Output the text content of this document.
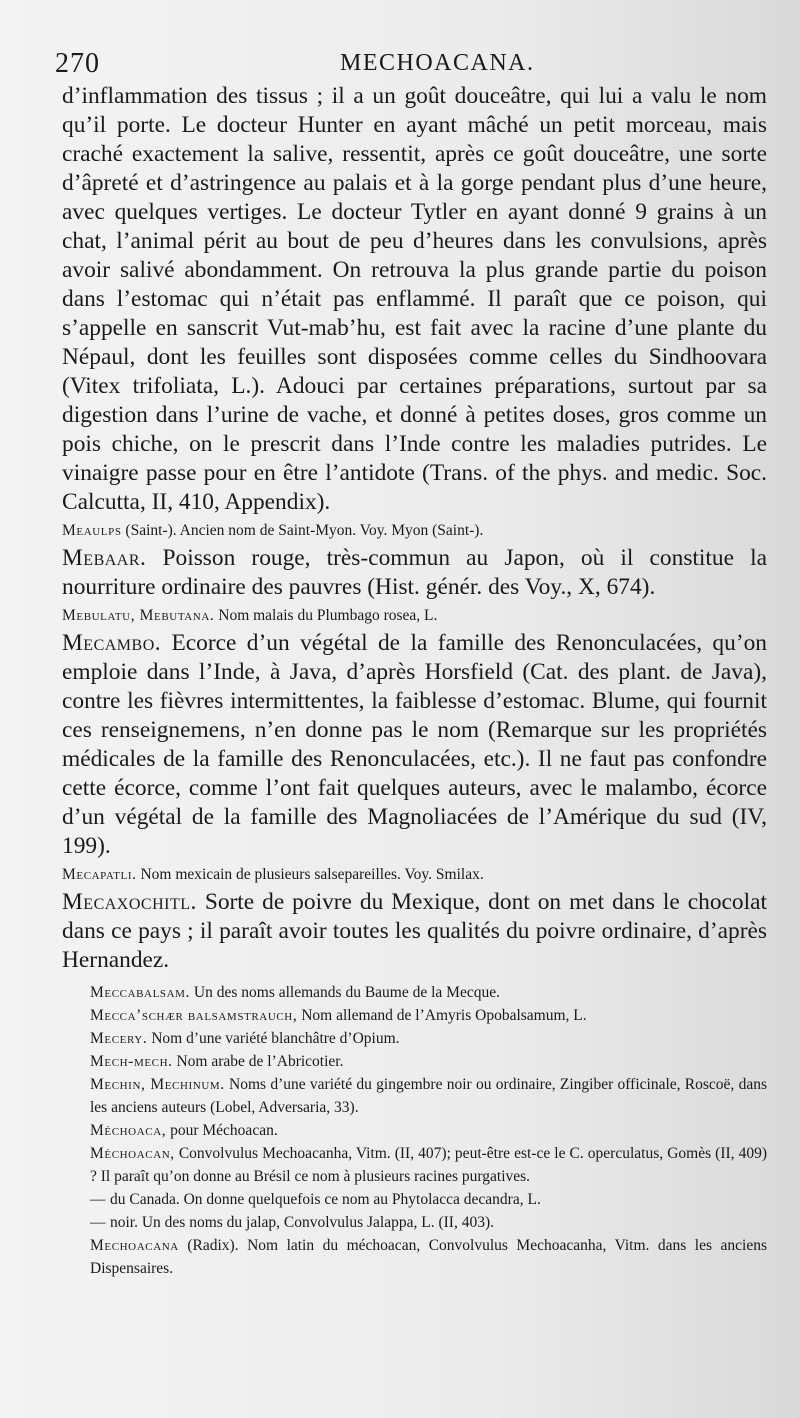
270	MECHOACANA.

d’inflammation des tissus ; il a un goût douceâtre, qui lui a valu le nom qu’il porte. Le docteur Hunter en ayant mâché un petit morceau, mais craché exactement la salive, ressentit, après ce goût douceâtre, une sorte d’âpreté et d’astringence au palais et à la gorge pendant plus d’une heure, avec quelques vertiges. Le docteur Tytler en ayant donné 9 grains à un chat, l’animal périt au bout de peu d’heures dans les convulsions, après avoir salivé abondamment. On retrouva la plus grande partie du poison dans l’estomac qui n’était pas enflammé. Il paraît que ce poison, qui s’appelle en sanscrit Vut-mab’hu, est fait avec la racine d’une plante du Népaul, dont les feuilles sont disposées comme celles du Sindhoovara (Vitex trifoliata, L.). Adouci par certaines préparations, surtout par sa digestion dans l’urine de vache, et donné à petites doses, gros comme un pois chiche, on le prescrit dans l’Inde contre les maladies putrides. Le vinaigre passe pour en être l’antidote (Trans. of the phys. and medic. Soc. Calcutta, II, 410, Appendix).

Meaulps (Saint-). Ancien nom de Saint-Myon. Voy. Myon (Saint-).

Mebaar. Poisson rouge, très-commun au Japon, où il constitue la nourriture ordinaire des pauvres (Hist. génér. des Voy., X, 674).

Mebulatu, Mebutana. Nom malais du Plumbago rosea, L.

Mecambo. Ecorce d’un végétal de la famille des Renonculacées, qu’on emploie dans l’Inde, à Java, d’après Horsfield (Cat. des plant. de Java), contre les fièvres intermittentes, la faiblesse d’estomac. Blume, qui fournit ces renseignemens, n’en donne pas le nom (Remarque sur les propriétés médicales de la famille des Renonculacées, etc.). Il ne faut pas confondre cette écorce, comme l’ont fait quelques auteurs, avec le malambo, écorce d’un végétal de la famille des Magnoliacées de l’Amérique du sud (IV, 199).

Mecapatli. Nom mexicain de plusieurs salsepareilles. Voy. Smilax.

Mecaxochitl. Sorte de poivre du Mexique, dont on met dans le chocolat dans ce pays ; il paraît avoir toutes les qualités du poivre ordinaire, d’après Hernandez.

Meccabalsam. Un des noms allemands du Baume de la Mecque.

Mecca’schær balsamstrauch, Nom allemand de l’Amyris Opobalsamum, L.

Mecery. Nom d’une variété blanchâtre d’Opium.

Mech-mech. Nom arabe de l’Abricotier.

Mechin, Mechinum. Noms d’une variété du gingembre noir ou ordinaire, Zingiber officinale, Roscoë, dans les anciens auteurs (Lobel, Adversaria, 33).

Méchoaca, pour Méchoacan.

Méchoacan, Convolvulus Mechoacanha, Vitm. (II, 407); peut-être est-ce le C. operculatus, Gomès (II, 409) ? Il paraît qu’on donne au Brésil ce nom à plusieurs racines purgatives.

— du Canada. On donne quelquefois ce nom au Phytolacca decandra, L.

— noir. Un des noms du jalap, Convolvulus Jalappa, L. (II, 403).

Mechoacana (Radix). Nom latin du méchoacan, Convolvulus Mechoacanha, Vitm. dans les anciens Dispensaires.
